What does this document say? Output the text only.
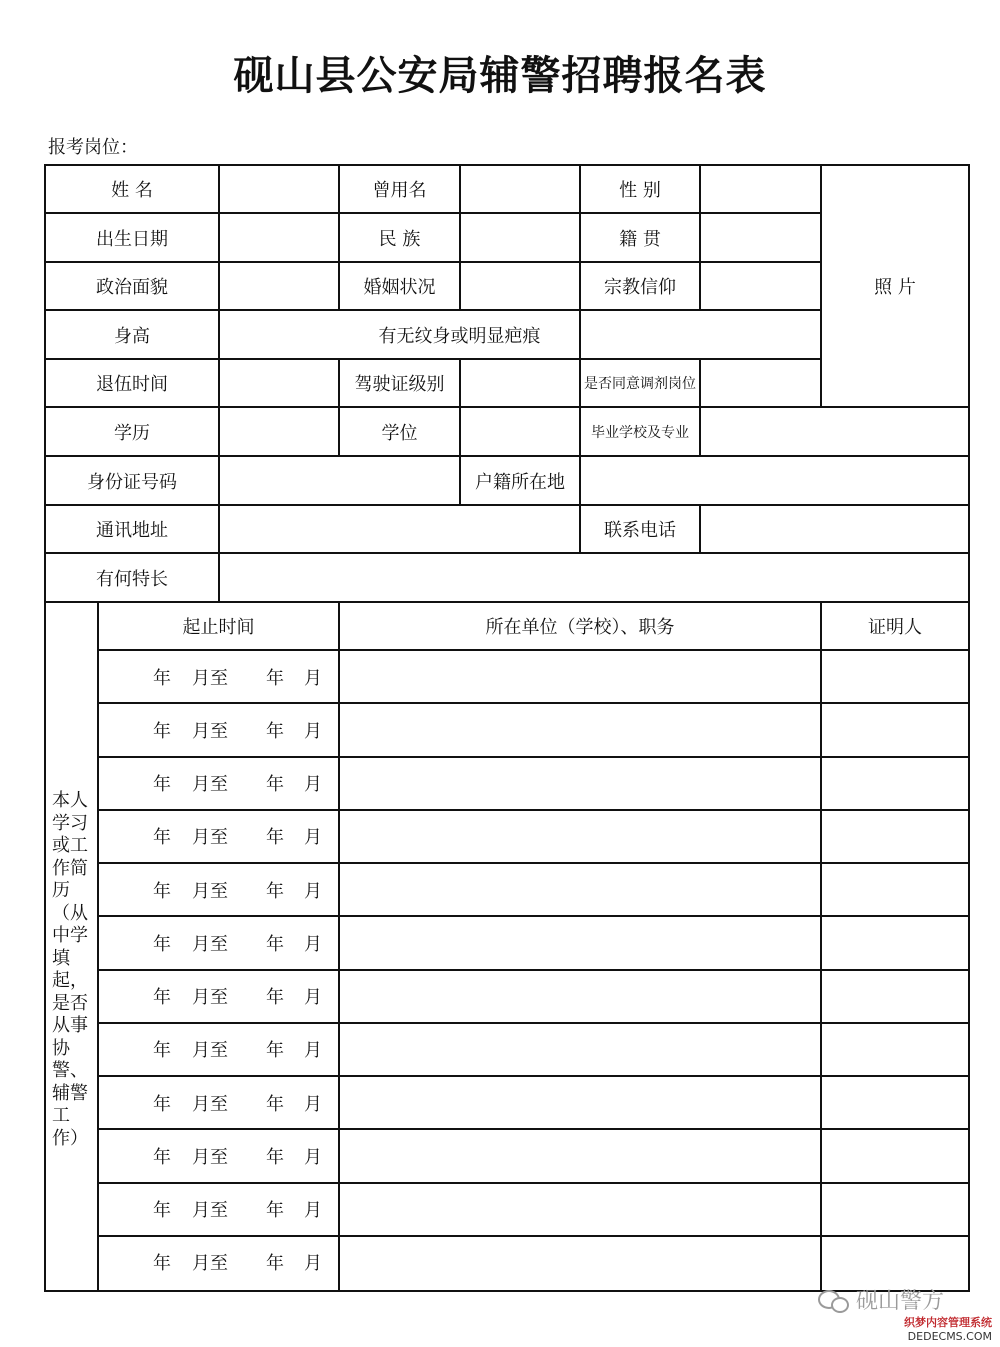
砚山县公安局辅警招聘报名表
报考岗位：
姓 名	曾用名	性 别
照 片
出生日期	民 族	籍 贯
政治面貌	婚姻状况	宗教信仰
身高	有无纹身或明显疤痕
退伍时间	驾驶证级别	是否同意调剂岗位
学历	学位	毕业学校及专业
身份证号码	户籍所在地
通讯地址	联系电话
有何特长
起止时间	所在单位（学校）、职务	证明人
本人学习或工作简历（从中学填起，是否从事协警、辅警工作）
年	月至	年	月
年	月至	年	月
年	月至	年	月
年	月至	年	月
年	月至	年	月
年	月至	年	月
年	月至	年	月
年	月至	年	月
年	月至	年	月
年	月至	年	月
年	月至	年	月
年	月至	年	月
砚山警方
织梦内容管理系统
DEDECMS.COM
